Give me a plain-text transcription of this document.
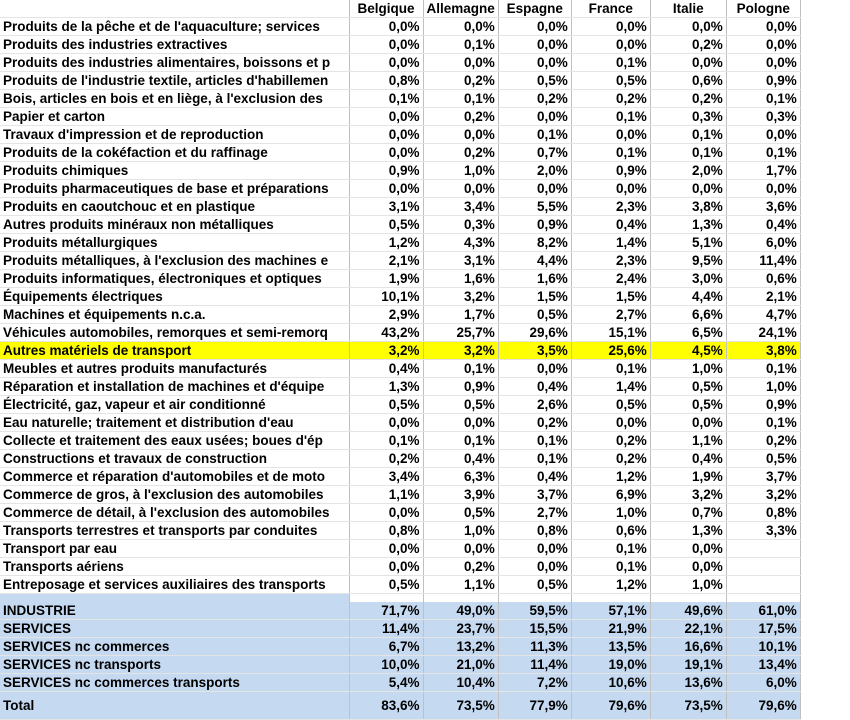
	Belgique	Allemagne	Espagne	France	Italie	Pologne
Produits de la pêche et de l'aquaculture; services	0,0%	0,0%	0,0%	0,0%	0,0%	0,0%
Produits des industries extractives	0,0%	0,1%	0,0%	0,0%	0,2%	0,0%
Produits des industries alimentaires, boissons et p	0,0%	0,0%	0,0%	0,1%	0,0%	0,0%
Produits de l'industrie textile, articles d'habillemen	0,8%	0,2%	0,5%	0,5%	0,6%	0,9%
Bois, articles en bois et en liège, à l'exclusion des	0,1%	0,1%	0,2%	0,2%	0,2%	0,1%
Papier et carton	0,0%	0,2%	0,0%	0,1%	0,3%	0,3%
Travaux d'impression et de reproduction	0,0%	0,0%	0,1%	0,0%	0,1%	0,0%
Produits de la cokéfaction et du raffinage	0,0%	0,2%	0,7%	0,1%	0,1%	0,1%
Produits chimiques	0,9%	1,0%	2,0%	0,9%	2,0%	1,7%
Produits pharmaceutiques de base et préparations	0,0%	0,0%	0,0%	0,0%	0,0%	0,0%
Produits en caoutchouc et en plastique	3,1%	3,4%	5,5%	2,3%	3,8%	3,6%
Autres produits minéraux non métalliques	0,5%	0,3%	0,9%	0,4%	1,3%	0,4%
Produits métallurgiques	1,2%	4,3%	8,2%	1,4%	5,1%	6,0%
Produits métalliques, à l'exclusion des machines e	2,1%	3,1%	4,4%	2,3%	9,5%	11,4%
Produits informatiques, électroniques et optiques	1,9%	1,6%	1,6%	2,4%	3,0%	0,6%
Équipements électriques	10,1%	3,2%	1,5%	1,5%	4,4%	2,1%
Machines et équipements n.c.a.	2,9%	1,7%	0,5%	2,7%	6,6%	4,7%
Véhicules automobiles, remorques et semi-remorq	43,2%	25,7%	29,6%	15,1%	6,5%	24,1%
Autres matériels de transport	3,2%	3,2%	3,5%	25,6%	4,5%	3,8%
Meubles et autres produits manufacturés	0,4%	0,1%	0,0%	0,1%	1,0%	0,1%
Réparation et installation de machines et d'équipe	1,3%	0,9%	0,4%	1,4%	0,5%	1,0%
Électricité, gaz, vapeur et air conditionné	0,5%	0,5%	2,6%	0,5%	0,5%	0,9%
Eau naturelle; traitement et distribution d'eau	0,0%	0,0%	0,2%	0,0%	0,0%	0,1%
Collecte et traitement des eaux usées; boues d'ép	0,1%	0,1%	0,1%	0,2%	1,1%	0,2%
Constructions et travaux de construction	0,2%	0,4%	0,1%	0,2%	0,4%	0,5%
Commerce et réparation d'automobiles et de moto	3,4%	6,3%	0,4%	1,2%	1,9%	3,7%
Commerce de gros, à l'exclusion des automobiles	1,1%	3,9%	3,7%	6,9%	3,2%	3,2%
Commerce de détail, à l'exclusion des automobiles	0,0%	0,5%	2,7%	1,0%	0,7%	0,8%
Transports terrestres et transports par conduites	0,8%	1,0%	0,8%	0,6%	1,3%	3,3%
Transport par eau	0,0%	0,0%	0,0%	0,1%	0,0%	
Transports aériens	0,0%	0,2%	0,0%	0,1%	0,0%	
Entreposage et services auxiliaires des transports	0,5%	1,1%	0,5%	1,2%	1,0%	

INDUSTRIE	71,7%	49,0%	59,5%	57,1%	49,6%	61,0%
SERVICES	11,4%	23,7%	15,5%	21,9%	22,1%	17,5%
SERVICES nc commerces	6,7%	13,2%	11,3%	13,5%	16,6%	10,1%
SERVICES nc transports	10,0%	21,0%	11,4%	19,0%	19,1%	13,4%
SERVICES nc commerces transports	5,4%	10,4%	7,2%	10,6%	13,6%	6,0%
Total	83,6%	73,5%	77,9%	79,6%	73,5%	79,6%
